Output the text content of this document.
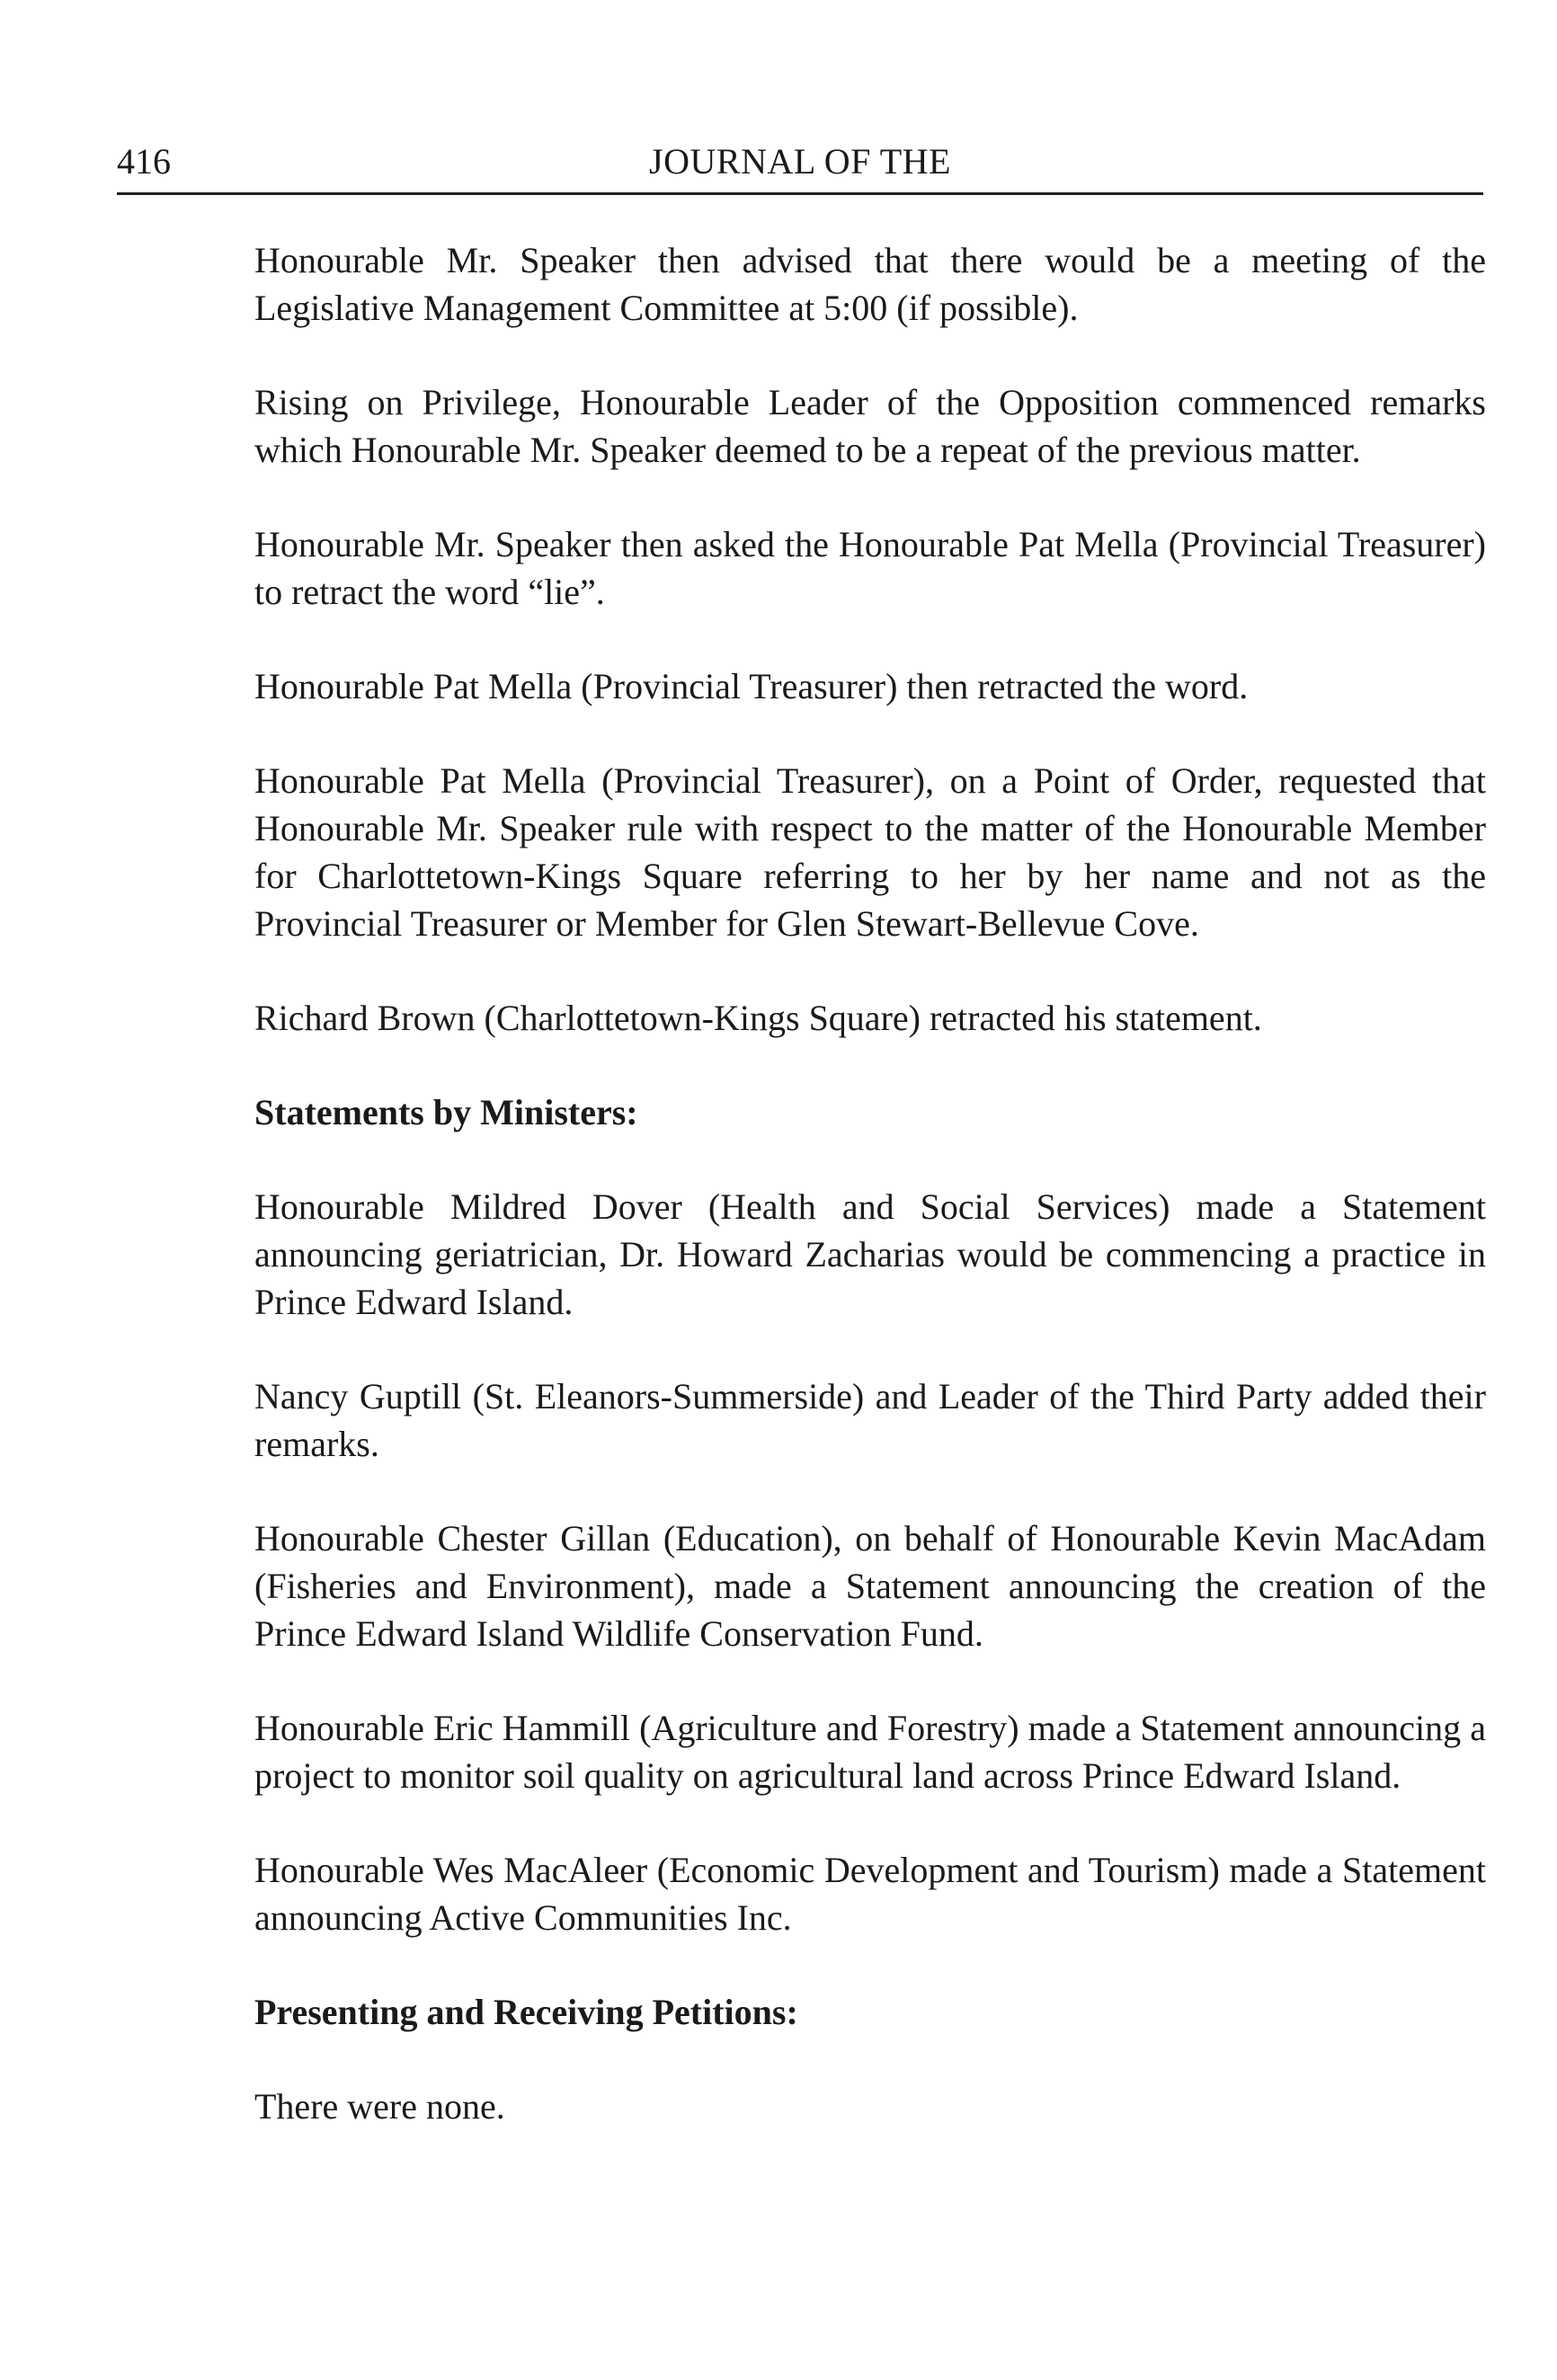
416	JOURNAL OF THE

Honourable Mr. Speaker then advised that there would be a meeting of the Legislative Management Committee at 5:00 (if possible).

Rising on Privilege, Honourable Leader of the Opposition commenced remarks which Honourable Mr. Speaker deemed to be a repeat of the previous matter.

Honourable Mr. Speaker then asked the Honourable Pat Mella (Provincial Treasurer) to retract the word “lie”.

Honourable Pat Mella (Provincial Treasurer) then retracted the word.

Honourable Pat Mella (Provincial Treasurer), on a Point of Order, requested that Honourable Mr. Speaker rule with respect to the matter of the Honourable Member for Charlottetown-Kings Square referring to her by her name and not as the Provincial Treasurer or Member for Glen Stewart-Bellevue Cove.

Richard Brown (Charlottetown-Kings Square) retracted his statement.

Statements by Ministers:

Honourable Mildred Dover (Health and Social Services) made a Statement announcing geriatrician, Dr. Howard Zacharias would be commencing a practice in Prince Edward Island.

Nancy Guptill (St. Eleanors-Summerside) and Leader of the Third Party added their remarks.

Honourable Chester Gillan (Education), on behalf of Honourable Kevin MacAdam (Fisheries and Environment), made a Statement announcing the creation of the Prince Edward Island Wildlife Conservation Fund.

Honourable Eric Hammill (Agriculture and Forestry) made a Statement announcing a project to monitor soil quality on agricultural land across Prince Edward Island.

Honourable Wes MacAleer (Economic Development and Tourism) made a Statement announcing Active Communities Inc.

Presenting and Receiving Petitions:

There were none.
